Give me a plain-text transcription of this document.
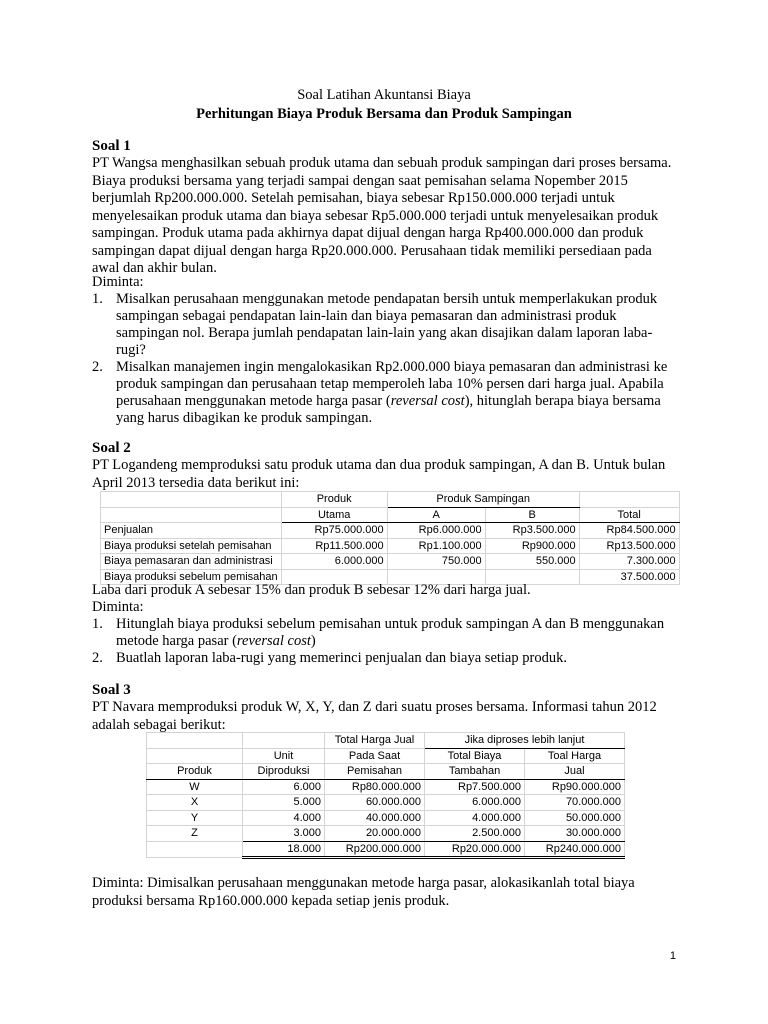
Soal Latihan Akuntansi Biaya
Perhitungan Biaya Produk Bersama dan Produk Sampingan
Soal 1
PT Wangsa menghasilkan sebuah produk utama dan sebuah produk sampingan dari proses bersama. Biaya produksi bersama yang terjadi sampai dengan saat pemisahan selama Nopember 2015 berjumlah Rp200.000.000. Setelah pemisahan, biaya sebesar Rp150.000.000 terjadi untuk menyelesaikan produk utama dan biaya sebesar Rp5.000.000 terjadi untuk menyelesaikan produk sampingan. Produk utama pada akhirnya dapat dijual dengan harga Rp400.000.000 dan produk sampingan dapat dijual dengan harga Rp20.000.000. Perusahaan tidak memiliki persediaan pada awal dan akhir bulan.
Diminta:
1. Misalkan perusahaan menggunakan metode pendapatan bersih untuk memperlakukan produk sampingan sebagai pendapatan lain-lain dan biaya pemasaran dan administrasi produk sampingan nol. Berapa jumlah pendapatan lain-lain yang akan disajikan dalam laporan laba-rugi?
2. Misalkan manajemen ingin mengalokasikan Rp2.000.000 biaya pemasaran dan administrasi ke produk sampingan dan perusahaan tetap memperoleh laba 10% persen dari harga jual. Apabila perusahaan menggunakan metode harga pasar (reversal cost), hitunglah berapa biaya bersama yang harus dibagikan ke produk sampingan.
Soal 2
PT Logandeng memproduksi satu produk utama dan dua produk sampingan, A dan B. Untuk bulan April 2013 tersedia data berikut ini:
	Produk	Produk Sampingan		
	Utama	A	B	Total
Penjualan	Rp75.000.000	Rp6.000.000	Rp3.500.000	Rp84.500.000
Biaya produksi setelah pemisahan	Rp11.500.000	Rp1.100.000	Rp900.000	Rp13.500.000
Biaya pemasaran dan administrasi	6.000.000	750.000	550.000	7.300.000
Biaya produksi sebelum pemisahan				37.500.000
Laba dari produk A sebesar 15% dan produk B sebesar 12% dari harga jual.
Diminta:
1. Hitunglah biaya produksi sebelum pemisahan untuk produk sampingan A dan B menggunakan metode harga pasar (reversal cost)
2. Buatlah laporan laba-rugi yang memerinci penjualan dan biaya setiap produk.
Soal 3
PT Navara memproduksi produk W, X, Y, dan Z dari suatu proses bersama. Informasi tahun 2012 adalah sebagai berikut:
		Total Harga Jual	Jika diproses lebih lanjut	
	Unit	Pada Saat	Total Biaya	Toal Harga
Produk	Diproduksi	Pemisahan	Tambahan	Jual
W	6.000	Rp80.000.000	Rp7.500.000	Rp90.000.000
X	5.000	60.000.000	6.000.000	70.000.000
Y	4.000	40.000.000	4.000.000	50.000.000
Z	3.000	20.000.000	2.500.000	30.000.000
	18.000	Rp200.000.000	Rp20.000.000	Rp240.000.000
Diminta: Dimisalkan perusahaan menggunakan metode harga pasar, alokasikanlah total biaya produksi bersama Rp160.000.000 kepada setiap jenis produk.
1
